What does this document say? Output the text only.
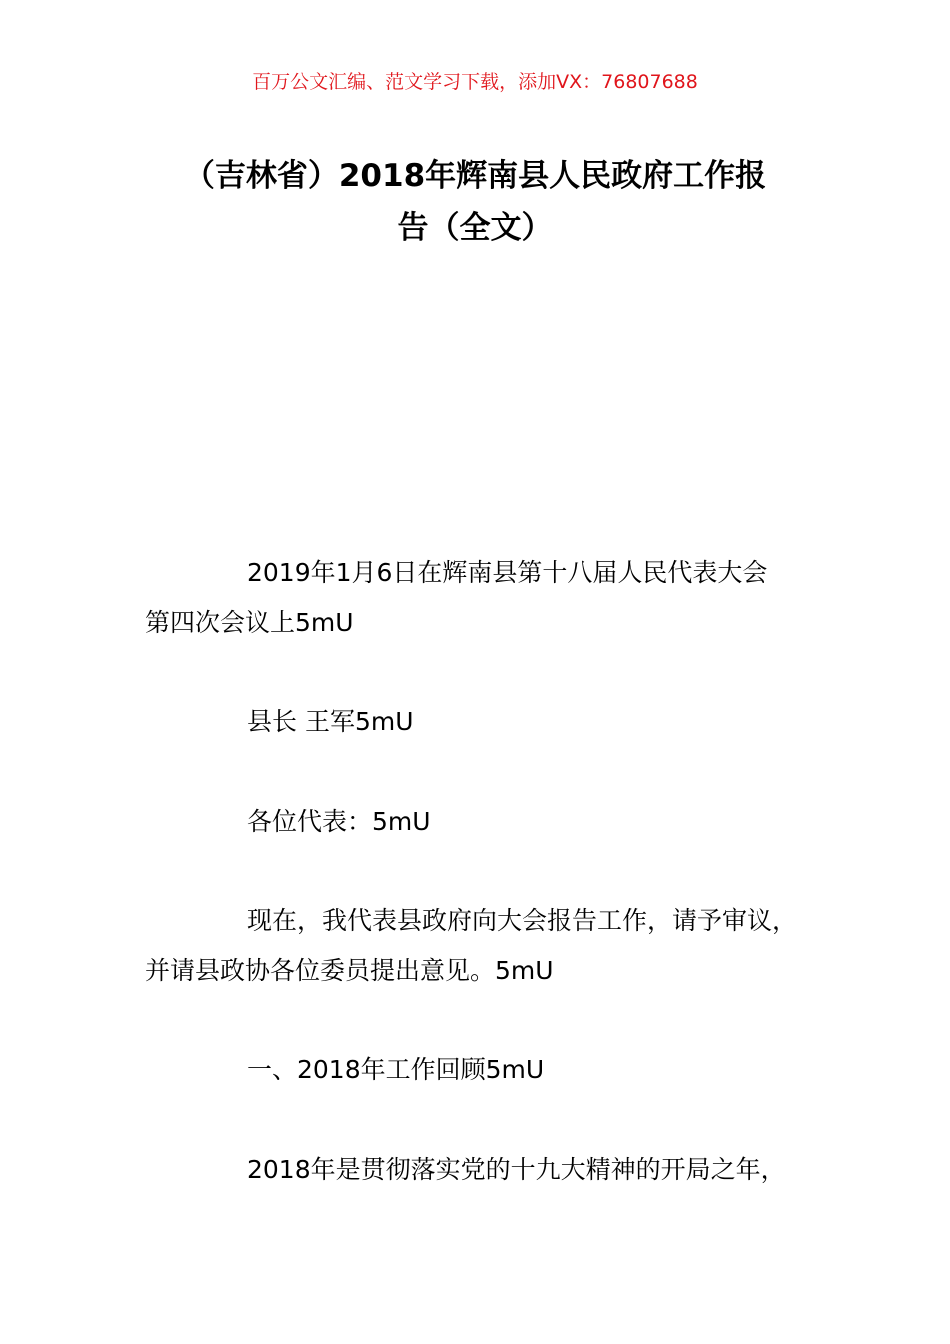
百万公文汇编、范文学习下载，添加VX：76807688
（吉林省）2018年辉南县人民政府工作报
告（全文）
2019年1月6日在辉南县第十八届人民代表大会
第四次会议上5mU
县长 王军5mU
各位代表：5mU
现在，我代表县政府向大会报告工作，请予审议，
并请县政协各位委员提出意见。5mU
一、2018年工作回顾5mU
2018年是贯彻落实党的十九大精神的开局之年，
